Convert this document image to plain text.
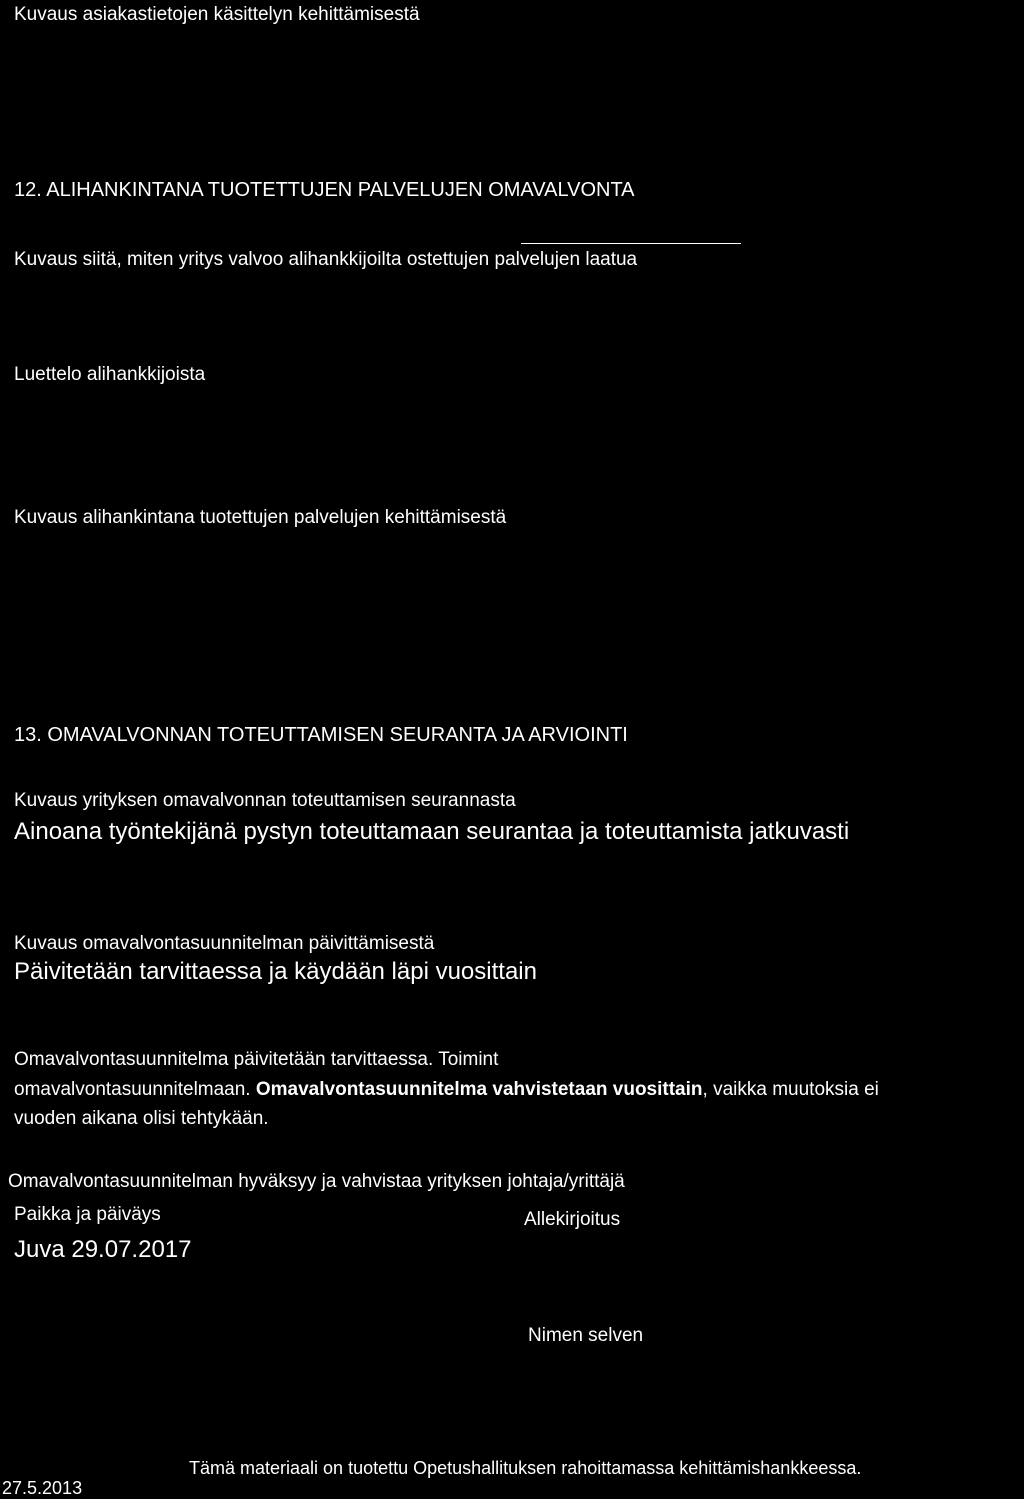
Kuvaus asiakastietojen käsittelyn kehittämisestä
12. ALIHANKINTANA TUOTETTUJEN PALVELUJEN OMAVALVONTA
Kuvaus siitä, miten yritys valvoo alihankkijoilta ostettujen palvelujen laatua
Luettelo alihankkijoista
Kuvaus alihankintana tuotettujen palvelujen kehittämisestä
13. OMAVALVONNAN TOTEUTTAMISEN SEURANTA JA ARVIOINTI
Kuvaus yrityksen omavalvonnan toteuttamisen seurannasta
Ainoana työntekijänä pystyn toteuttamaan seurantaa ja toteuttamista jatkuvasti
Kuvaus omavalvontasuunnitelman päivittämisestä
Päivitetään tarvittaessa ja käydään läpi vuosittain
Omavalvontasuunnitelma päivitetään tarvittaessa. Toimint
omavalvontasuunnitelmaan. Omavalvontasuunnitelma vahvistetaan vuosittain, vaikka muutoksia ei
vuoden aikana olisi tehtykään.
Omavalvontasuunnitelman hyväksyy ja vahvistaa yrityksen johtaja/yrittäjä
Paikka ja päiväys	Allekirjoitus
Juva 29.07.2017
Nimen selven
Tämä materiaali on tuotettu Opetushallituksen rahoittamassa kehittämishankkeessa.
27.5.2013
